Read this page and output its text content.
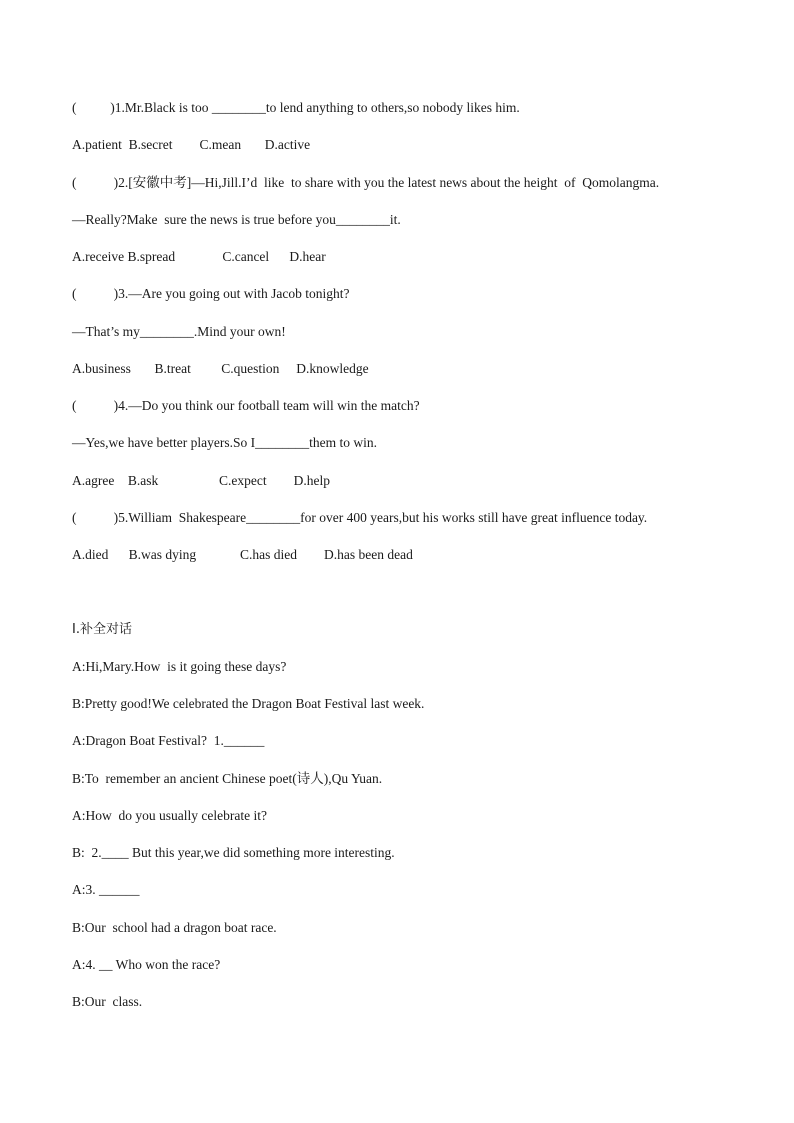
(          )1.Mr.Black is too ________to lend anything to others,so nobody likes him.
A.patient  B.secret        C.mean       D.active
(           )2.[安徽中考]—Hi,Jill.I’d  like  to share with you the latest news about the height  of  Qomolangma.
—Really?Make  sure the news is true before you________it.
A.receive B.spread              C.cancel      D.hear
(           )3.—Are you going out with Jacob tonight?
—That’s my________.Mind your own!
A.business       B.treat         C.question     D.knowledge
(           )4.—Do you think our football team will win the match?
—Yes,we have better players.So I________them to win.
A.agree    B.ask                  C.expect        D.help
(           )5.William  Shakespeare________for over 400 years,but his works still have great influence today.
A.died      B.was dying             C.has died        D.has been dead
Ⅰ.补全对话
A:Hi,Mary.How  is it going these days?
B:Pretty good!We celebrated the Dragon Boat Festival last week.
A:Dragon Boat Festival?  1.______
B:To  remember an ancient Chinese poet(诗人),Qu Yuan.
A:How  do you usually celebrate it?
B:  2.____ But this year,we did something more interesting.
A:3. ______
B:Our  school had a dragon boat race.
A:4. __ Who won the race?
B:Our  class.
